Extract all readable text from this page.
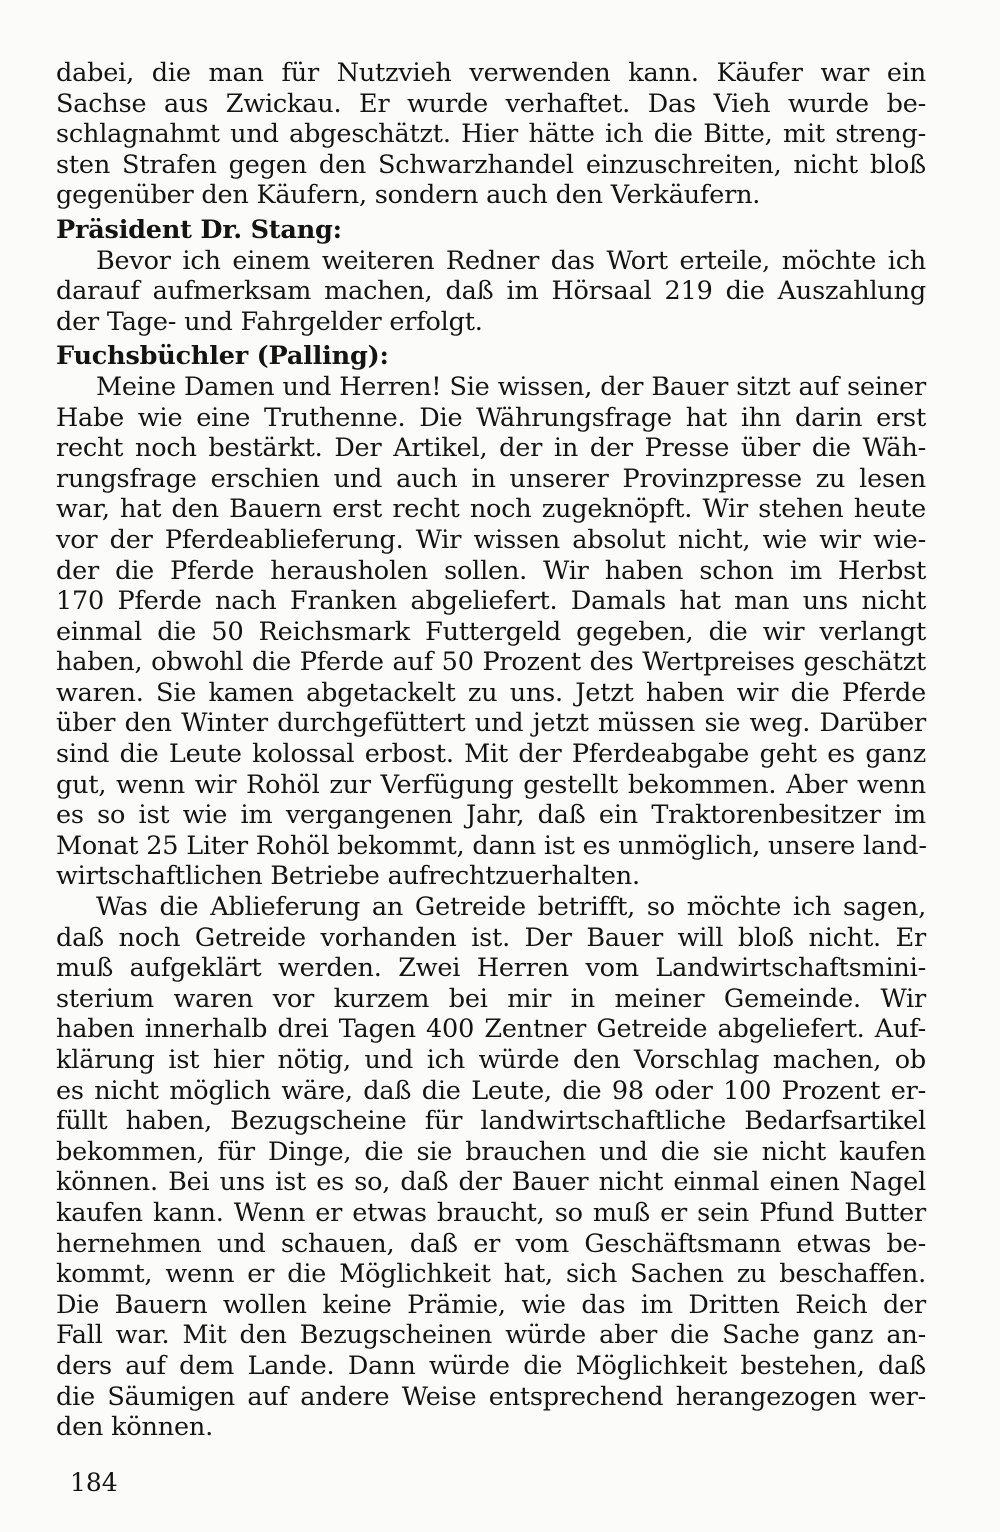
dabei, die man für Nutzvieh verwenden kann. Käufer war ein
Sachse aus Zwickau. Er wurde verhaftet. Das Vieh wurde be-
schlagnahmt und abgeschätzt. Hier hätte ich die Bitte, mit streng-
sten Strafen gegen den Schwarzhandel einzuschreiten, nicht bloß
gegenüber den Käufern, sondern auch den Verkäufern.
Präsident Dr. Stang:
Bevor ich einem weiteren Redner das Wort erteile, möchte ich
darauf aufmerksam machen, daß im Hörsaal 219 die Auszahlung
der Tage- und Fahrgelder erfolgt.
Fuchsbüchler (Palling):
Meine Damen und Herren! Sie wissen, der Bauer sitzt auf seiner
Habe wie eine Truthenne. Die Währungsfrage hat ihn darin erst
recht noch bestärkt. Der Artikel, der in der Presse über die Wäh-
rungsfrage erschien und auch in unserer Provinzpresse zu lesen
war, hat den Bauern erst recht noch zugeknöpft. Wir stehen heute
vor der Pferdeablieferung. Wir wissen absolut nicht, wie wir wie-
der die Pferde herausholen sollen. Wir haben schon im Herbst
170 Pferde nach Franken abgeliefert. Damals hat man uns nicht
einmal die 50 Reichsmark Futtergeld gegeben, die wir verlangt
haben, obwohl die Pferde auf 50 Prozent des Wertpreises geschätzt
waren. Sie kamen abgetackelt zu uns. Jetzt haben wir die Pferde
über den Winter durchgefüttert und jetzt müssen sie weg. Darüber
sind die Leute kolossal erbost. Mit der Pferdeabgabe geht es ganz
gut, wenn wir Rohöl zur Verfügung gestellt bekommen. Aber wenn
es so ist wie im vergangenen Jahr, daß ein Traktorenbesitzer im
Monat 25 Liter Rohöl bekommt, dann ist es unmöglich, unsere land-
wirtschaftlichen Betriebe aufrechtzuerhalten.
Was die Ablieferung an Getreide betrifft, so möchte ich sagen,
daß noch Getreide vorhanden ist. Der Bauer will bloß nicht. Er
muß aufgeklärt werden. Zwei Herren vom Landwirtschaftsmini-
sterium waren vor kurzem bei mir in meiner Gemeinde. Wir
haben innerhalb drei Tagen 400 Zentner Getreide abgeliefert. Auf-
klärung ist hier nötig, und ich würde den Vorschlag machen, ob
es nicht möglich wäre, daß die Leute, die 98 oder 100 Prozent er-
füllt haben, Bezugscheine für landwirtschaftliche Bedarfsartikel
bekommen, für Dinge, die sie brauchen und die sie nicht kaufen
können. Bei uns ist es so, daß der Bauer nicht einmal einen Nagel
kaufen kann. Wenn er etwas braucht, so muß er sein Pfund Butter
hernehmen und schauen, daß er vom Geschäftsmann etwas be-
kommt, wenn er die Möglichkeit hat, sich Sachen zu beschaffen.
Die Bauern wollen keine Prämie, wie das im Dritten Reich der
Fall war. Mit den Bezugscheinen würde aber die Sache ganz an-
ders auf dem Lande. Dann würde die Möglichkeit bestehen, daß
die Säumigen auf andere Weise entsprechend herangezogen wer-
den können.
184
